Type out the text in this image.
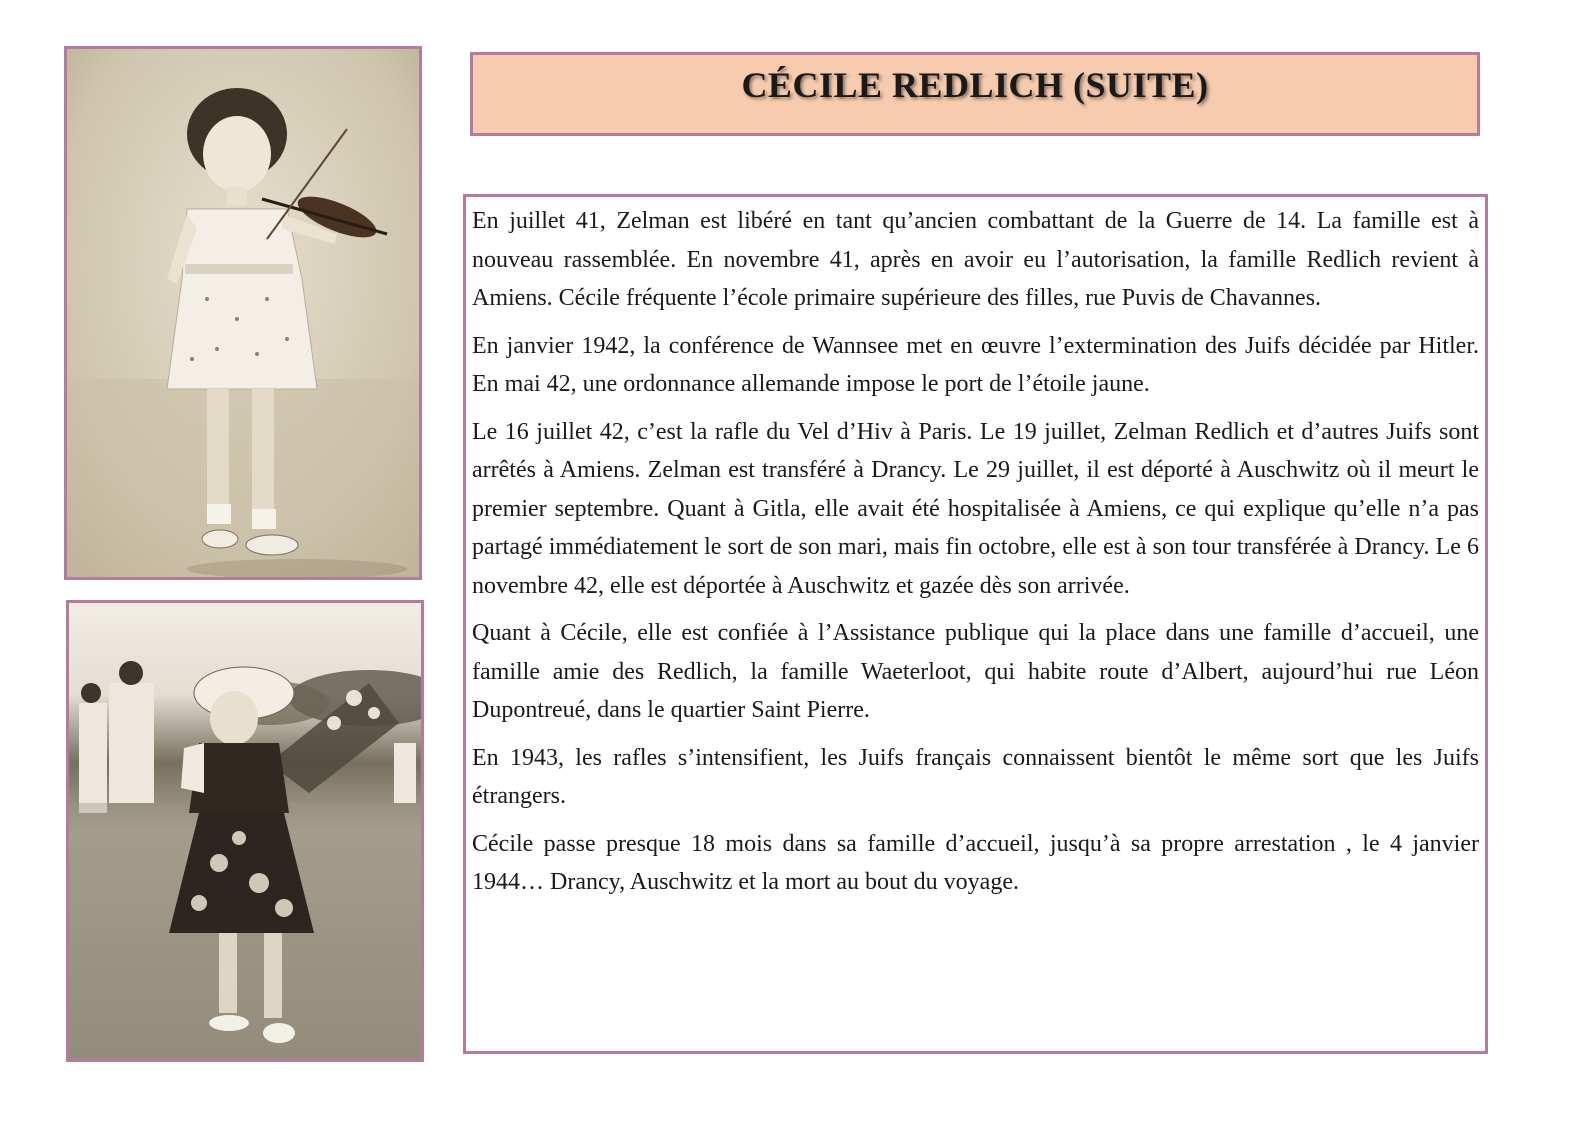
CÉCILE REDLICH (SUITE)

En juillet 41, Zelman est libéré en tant qu’ancien combattant de la Guerre de 14. La famille est à nouveau rassemblée. En novembre 41, après en avoir eu l’autorisation, la famille Redlich revient à Amiens. Cécile fréquente l’école primaire supérieure des filles, rue Puvis de Chavannes.

En janvier 1942, la conférence de Wannsee met en œuvre l’extermination des Juifs décidée par Hitler. En mai 42, une ordonnance allemande impose le port de l’étoile jaune.

Le 16 juillet 42, c’est la rafle du Vel d’Hiv à Paris. Le 19 juillet, Zelman Redlich et d’autres Juifs sont arrêtés à Amiens. Zelman est transféré à Drancy. Le 29 juillet, il est déporté à Auschwitz où il meurt le premier septembre. Quant à Gitla, elle avait été hospitalisée à Amiens, ce qui explique qu’elle n’a pas partagé immédiatement le sort de son mari, mais fin octobre, elle est à son tour transférée à Drancy. Le 6 novembre 42, elle est déportée à Auschwitz et gazée dès son arrivée.

Quant à Cécile, elle est confiée à l’Assistance publique qui la place dans une famille d’accueil, une famille amie des Redlich, la famille Waeterloot, qui habite route d’Albert, aujourd’hui rue Léon Dupontreué, dans le quartier Saint Pierre.

En 1943, les rafles s’intensifient, les Juifs français connaissent bientôt le même sort que les Juifs étrangers.

Cécile passe presque 18 mois dans sa famille d’accueil, jusqu’à sa propre arrestation , le 4 janvier 1944… Drancy, Auschwitz et la mort au bout du voyage.
